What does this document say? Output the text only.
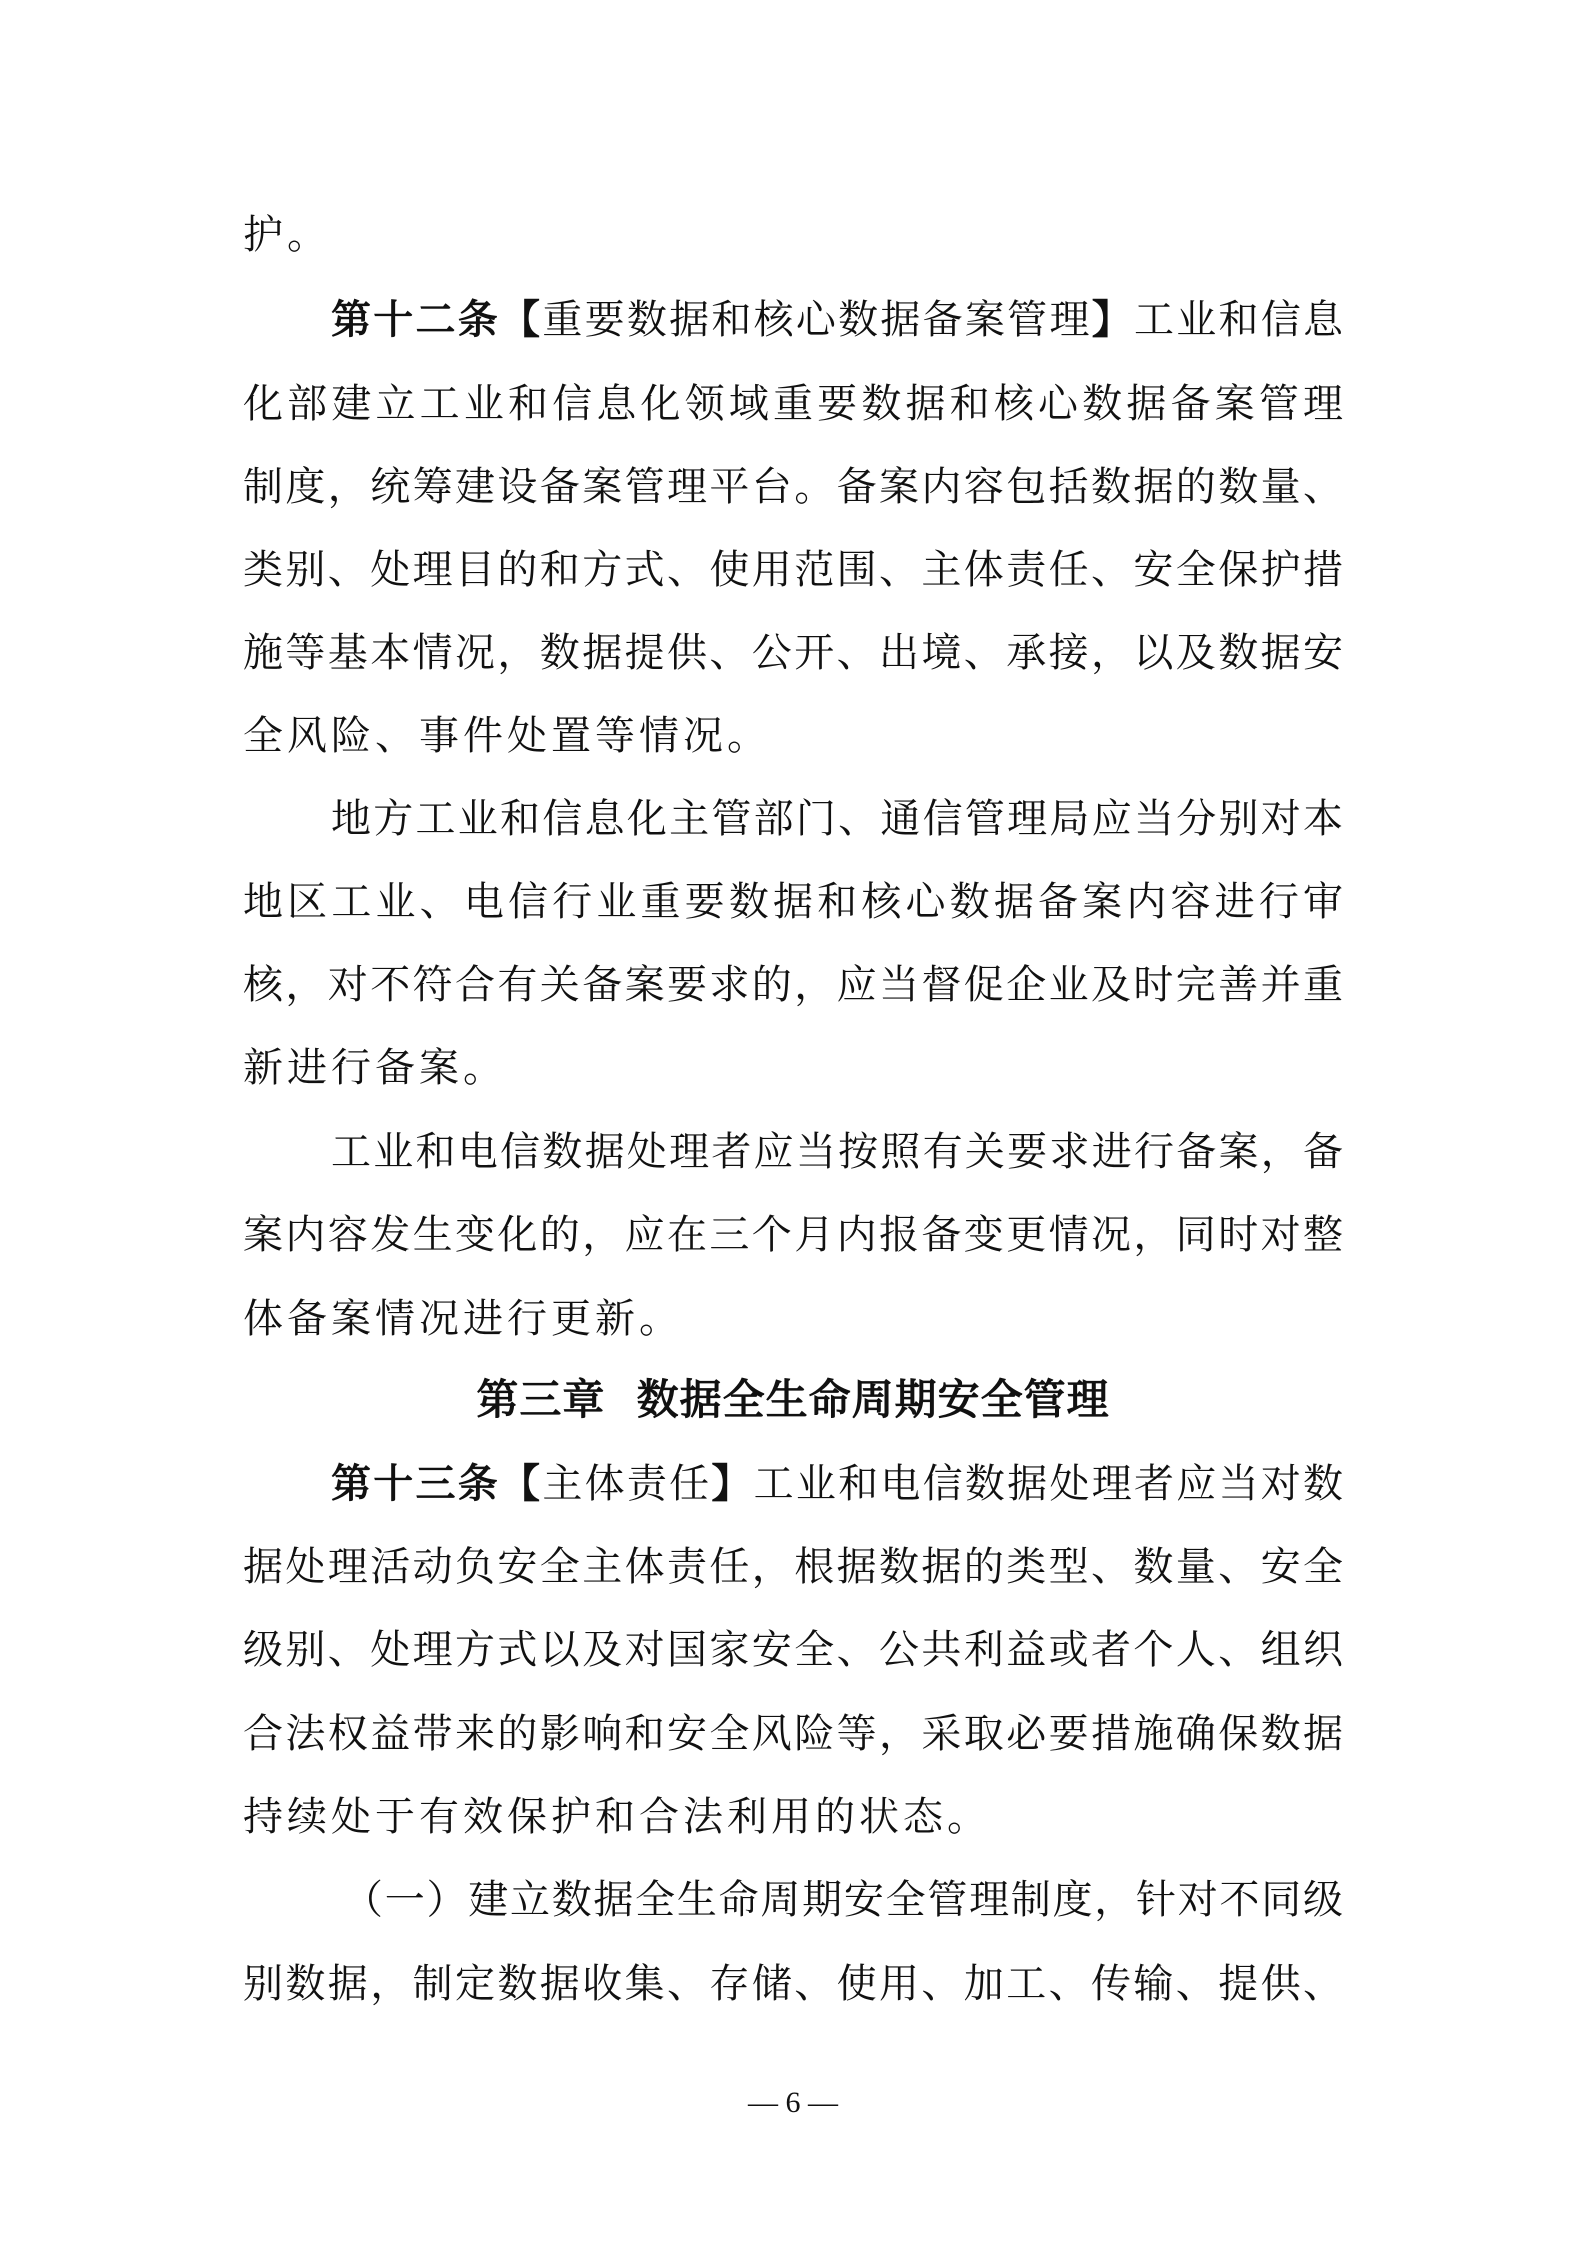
护。
第十二条【重要数据和核心数据备案管理】工业和信息
化部建立工业和信息化领域重要数据和核心数据备案管理
制度，统筹建设备案管理平台。备案内容包括数据的数量、
类别、处理目的和方式、使用范围、主体责任、安全保护措
施等基本情况，数据提供、公开、出境、承接，以及数据安
全风险、事件处置等情况。
地方工业和信息化主管部门、通信管理局应当分别对本
地区工业、电信行业重要数据和核心数据备案内容进行审
核，对不符合有关备案要求的，应当督促企业及时完善并重
新进行备案。
工业和电信数据处理者应当按照有关要求进行备案，备
案内容发生变化的，应在三个月内报备变更情况，同时对整
体备案情况进行更新。
第三章  数据全生命周期安全管理
第十三条【主体责任】工业和电信数据处理者应当对数
据处理活动负安全主体责任，根据数据的类型、数量、安全
级别、处理方式以及对国家安全、公共利益或者个人、组织
合法权益带来的影响和安全风险等，采取必要措施确保数据
持续处于有效保护和合法利用的状态。
（一）建立数据全生命周期安全管理制度，针对不同级
别数据，制定数据收集、存储、使用、加工、传输、提供、
— 6 —
